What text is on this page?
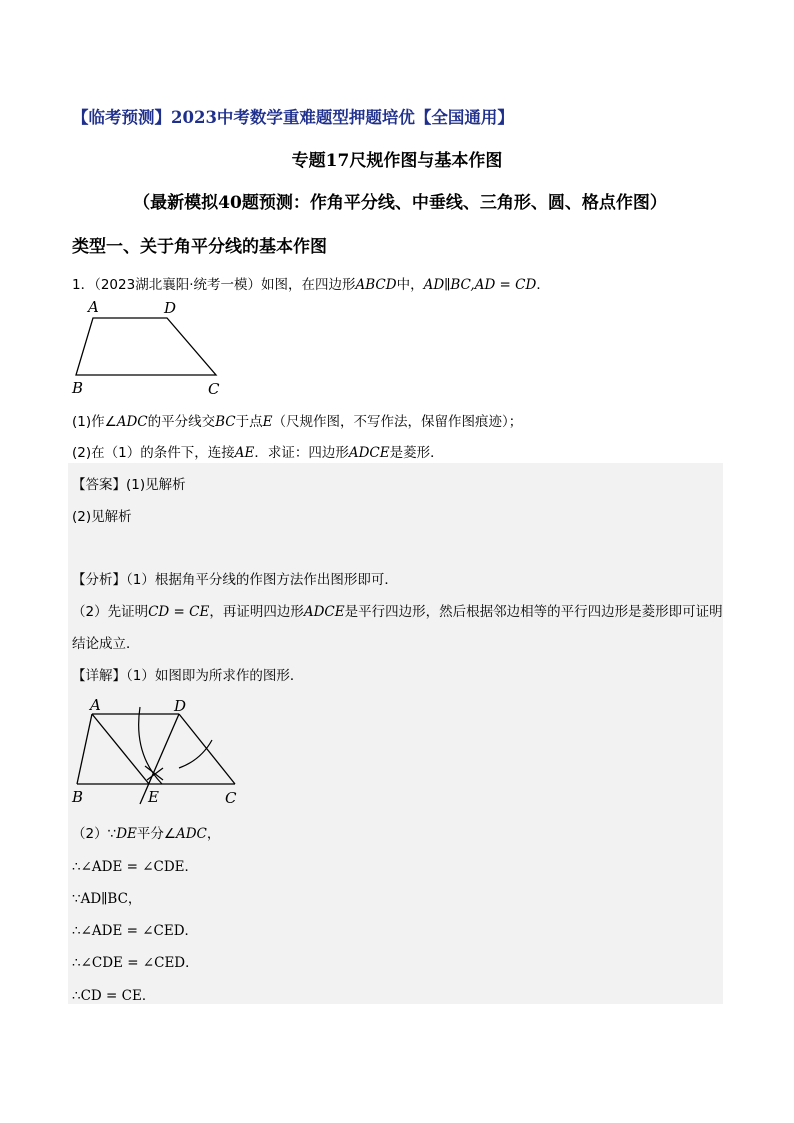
【临考预测】2023中考数学重难题型押题培优【全国通用】
专题17尺规作图与基本作图
（最新模拟40题预测：作角平分线、中垂线、三角形、圆、格点作图）
类型一、关于角平分线的基本作图
1．（2023湖北襄阳·统考一模）如图，在四边形ABCD中，AD∥BC,AD = CD．
A	D
B	C
(1)作∠ADC的平分线交BC于点E（尺规作图，不写作法，保留作图痕迹）；
(2)在（1）的条件下，连接AE．求证：四边形ADCE是菱形．
【答案】(1)见解析
(2)见解析
【分析】（1）根据角平分线的作图方法作出图形即可．
（2）先证明CD = CE，再证明四边形ADCE是平行四边形，然后根据邻边相等的平行四边形是菱形即可证明
结论成立．
【详解】（1）如图即为所求作的图形．
A	D
B	E	C
（2）∵DE平分∠ADC，
∴∠ADE = ∠CDE．
∵AD∥BC，
∴∠ADE = ∠CED．
∴∠CDE = ∠CED．
∴CD = CE．
